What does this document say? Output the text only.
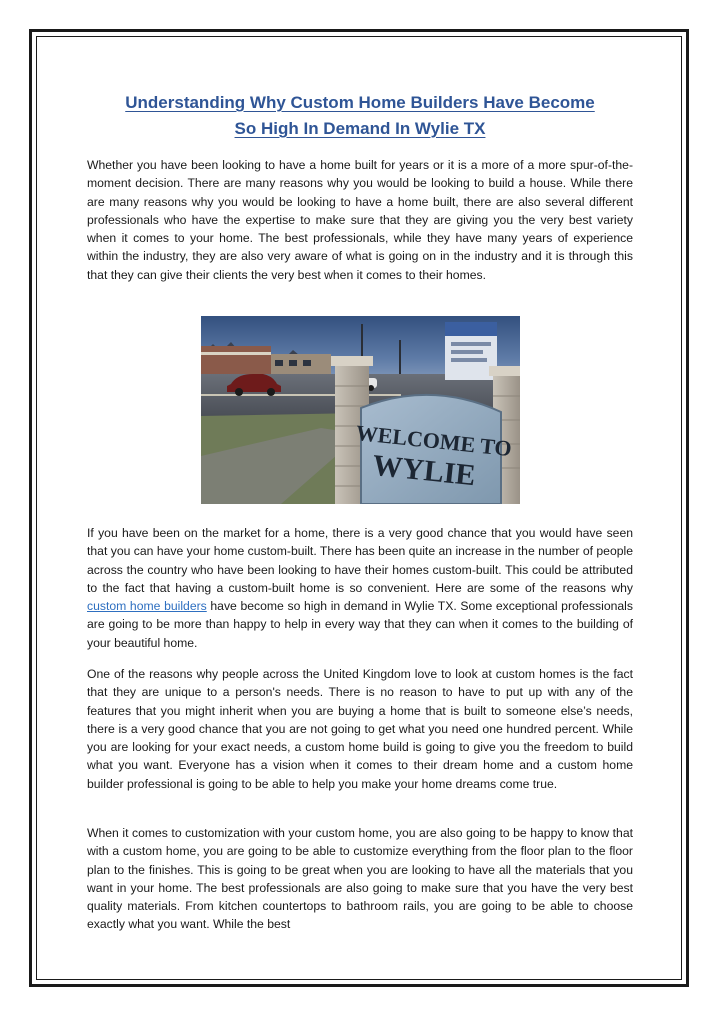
Understanding Why Custom Home Builders Have Become
So High In Demand In Wylie TX

Whether you have been looking to have a home built for years or it is a more of a more spur-of-the-moment decision. There are many reasons why you would be looking to build a house. While there are many reasons why you would be looking to have a home built, there are also several different professionals who have the expertise to make sure that they are giving you the very best variety when it comes to your home. The best professionals, while they have many years of experience within the industry, they are also very aware of what is going on in the industry and it is through this that they can give their clients the very best when it comes to their homes.

WELCOME TO
WYLIE

If you have been on the market for a home, there is a very good chance that you would have seen that you can have your home custom-built. There has been quite an increase in the number of people across the country who have been looking to have their homes custom-built. This could be attributed to the fact that having a custom-built home is so convenient. Here are some of the reasons why custom home builders have become so high in demand in Wylie TX. Some exceptional professionals are going to be more than happy to help in every way that they can when it comes to the building of your beautiful home.

One of the reasons why people across the United Kingdom love to look at custom homes is the fact that they are unique to a person's needs. There is no reason to have to put up with any of the features that you might inherit when you are buying a home that is built to someone else’s needs, there is a very good chance that you are not going to get what you need one hundred percent. While you are looking for your exact needs, a custom home build is going to give you the freedom to build what you want. Everyone has a vision when it comes to their dream home and a custom home builder professional is going to be able to help you make your home dreams come true.

When it comes to customization with your custom home, you are also going to be happy to know that with a custom home, you are going to be able to customize everything from the floor plan to the floor plan to the finishes. This is going to be great when you are looking to have all the materials that you want in your home. The best professionals are also going to make sure that you have the very best quality materials. From kitchen countertops to bathroom rails, you are going to be able to choose exactly what you want. While the best
